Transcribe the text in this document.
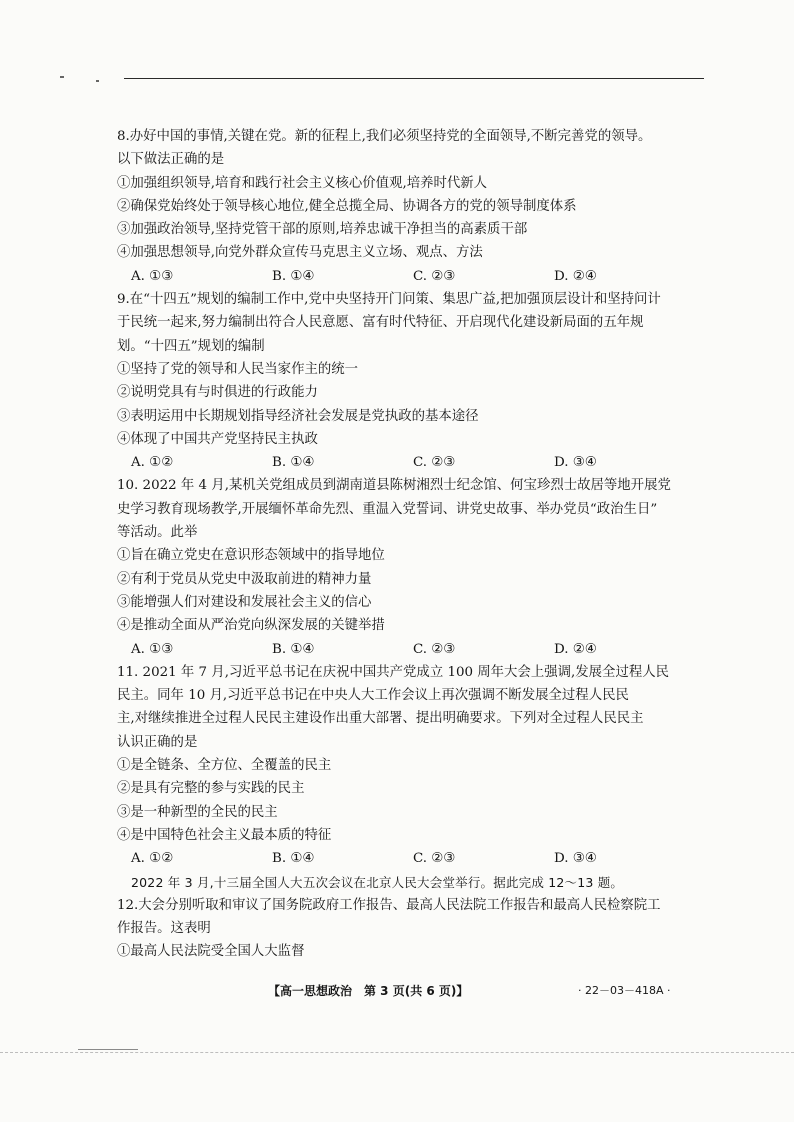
8.办好中国的事情,关键在党。新的征程上,我们必须坚持党的全面领导,不断完善党的领导。
以下做法正确的是
①加强组织领导,培育和践行社会主义核心价值观,培养时代新人
②确保党始终处于领导核心地位,健全总揽全局、协调各方的党的领导制度体系
③加强政治领导,坚持党管干部的原则,培养忠诚干净担当的高素质干部
④加强思想领导,向党外群众宣传马克思主义立场、观点、方法
A. ①③	B. ①④	C. ②③	D. ②④
9.在“十四五”规划的编制工作中,党中央坚持开门问策、集思广益,把加强顶层设计和坚持问计
于民统一起来,努力编制出符合人民意愿、富有时代特征、开启现代化建设新局面的五年规
划。“十四五”规划的编制
①坚持了党的领导和人民当家作主的统一
②说明党具有与时俱进的行政能力
③表明运用中长期规划指导经济社会发展是党执政的基本途径
④体现了中国共产党坚持民主执政
A. ①②	B. ①④	C. ②③	D. ③④
10. 2022 年 4 月,某机关党组成员到湖南道县陈树湘烈士纪念馆、何宝珍烈士故居等地开展党
史学习教育现场教学,开展缅怀革命先烈、重温入党誓词、讲党史故事、举办党员“政治生日”
等活动。此举
①旨在确立党史在意识形态领域中的指导地位
②有利于党员从党史中汲取前进的精神力量
③能增强人们对建设和发展社会主义的信心
④是推动全面从严治党向纵深发展的关键举措
A. ①③	B. ①④	C. ②③	D. ②④
11. 2021 年 7 月,习近平总书记在庆祝中国共产党成立 100 周年大会上强调,发展全过程人民
民主。同年 10 月,习近平总书记在中央人大工作会议上再次强调不断发展全过程人民民
主,对继续推进全过程人民民主建设作出重大部署、提出明确要求。下列对全过程人民民主
认识正确的是
①是全链条、全方位、全覆盖的民主
②是具有完整的参与实践的民主
③是一种新型的全民的民主
④是中国特色社会主义最本质的特征
A. ①②	B. ①④	C. ②③	D. ③④
2022 年 3 月,十三届全国人大五次会议在北京人民大会堂举行。据此完成 12～13 题。
12.大会分别听取和审议了国务院政府工作报告、最高人民法院工作报告和最高人民检察院工
作报告。这表明
①最高人民法院受全国人大监督
【高一思想政治　第 3 页(共 6 页)】	· 22－03－418A ·
